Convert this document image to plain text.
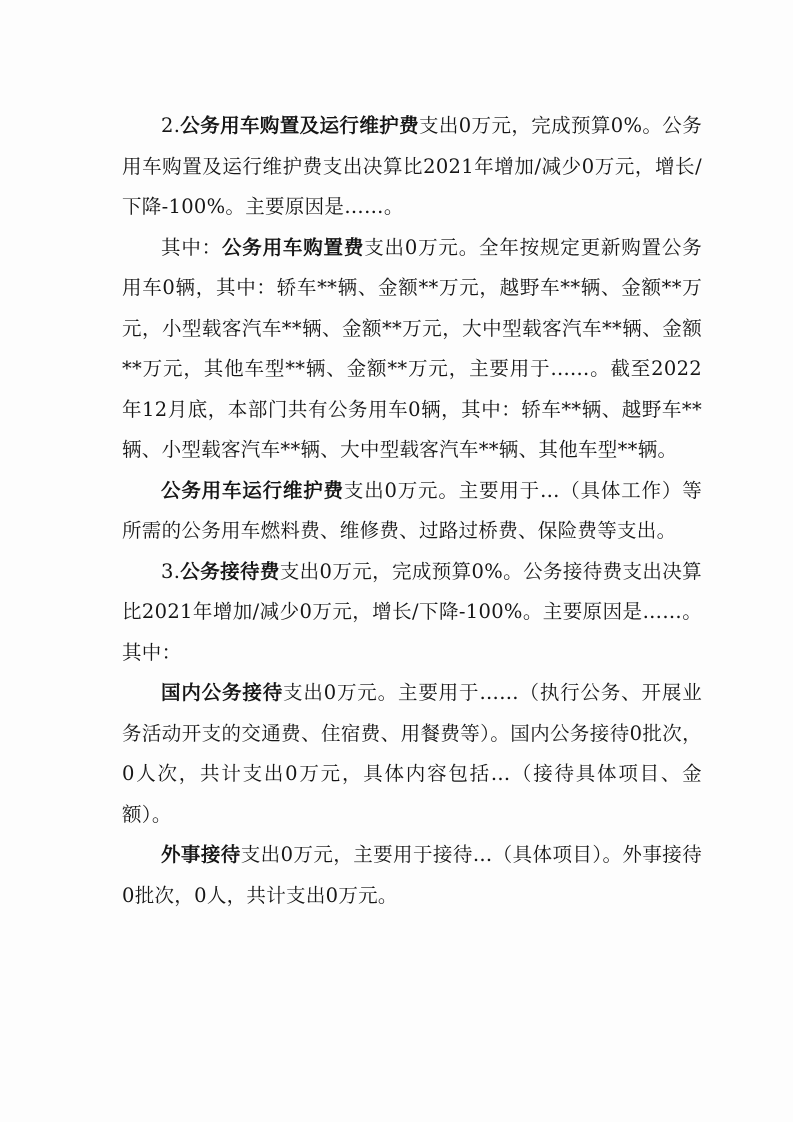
2.公务用车购置及运行维护费支出0万元，完成预算0%。公务用车购置及运行维护费支出决算比2021年增加/减少0万元，增长/下降-100%。主要原因是……。

其中：公务用车购置费支出0万元。全年按规定更新购置公务用车0辆，其中：轿车**辆、金额**万元，越野车**辆、金额**万元，小型载客汽车**辆、金额**万元，大中型载客汽车**辆、金额**万元，其他车型**辆、金额**万元，主要用于......。截至2022年12月底，本部门共有公务用车0辆，其中：轿车**辆、越野车**辆、小型载客汽车**辆、大中型载客汽车**辆、其他车型**辆。

公务用车运行维护费支出0万元。主要用于…（具体工作）等所需的公务用车燃料费、维修费、过路过桥费、保险费等支出。

3.公务接待费支出0万元，完成预算0%。公务接待费支出决算比2021年增加/减少0万元，增长/下降-100%。主要原因是……。其中：

国内公务接待支出0万元。主要用于……（执行公务、开展业务活动开支的交通费、住宿费、用餐费等）。国内公务接待0批次，0人次，共计支出0万元，具体内容包括...（接待具体项目、金额）。

外事接待支出0万元，主要用于接待…（具体项目）。外事接待0批次，0人，共计支出0万元。
